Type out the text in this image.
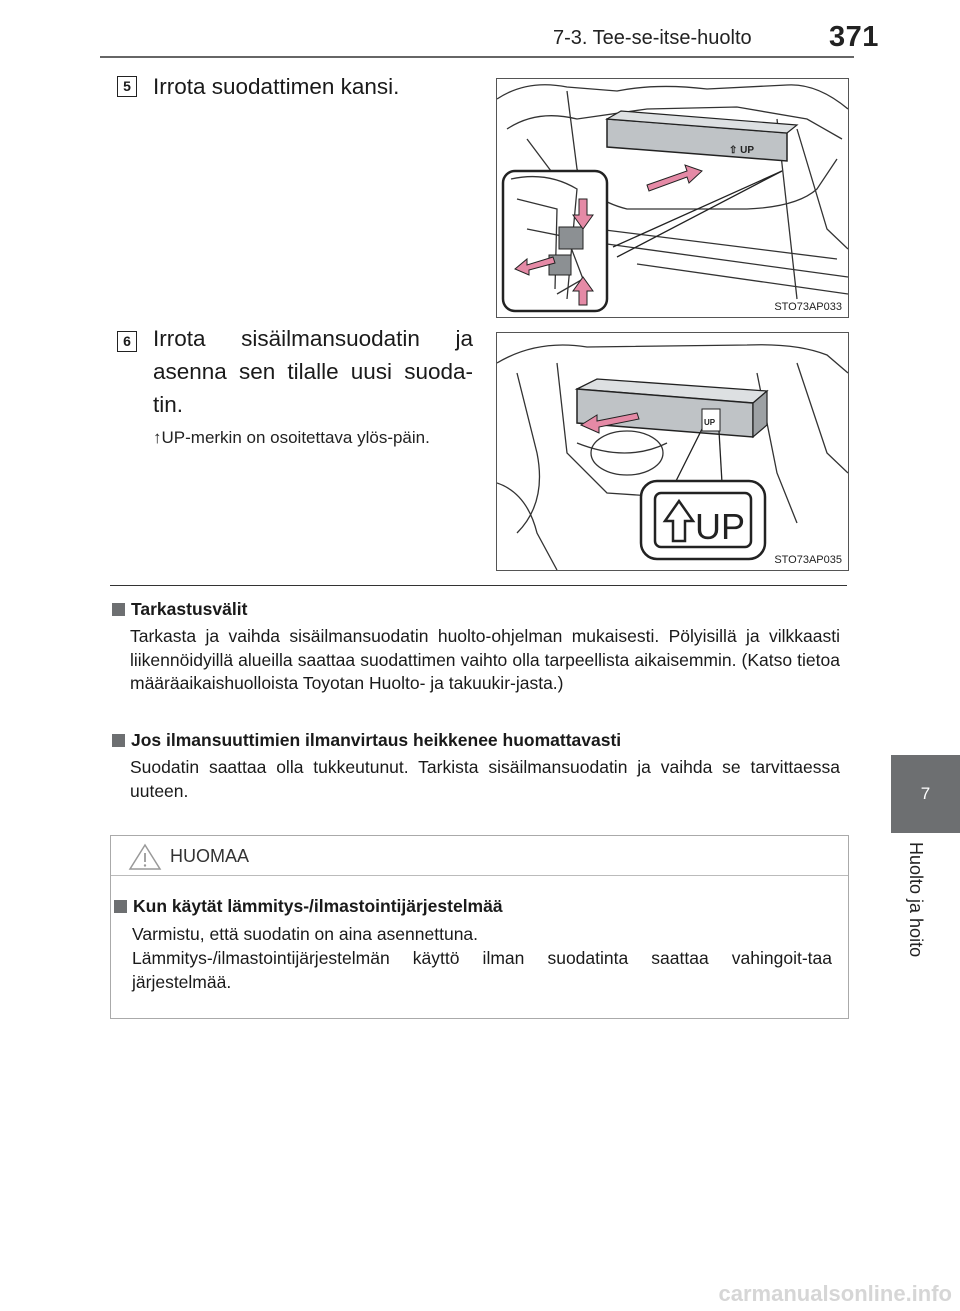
7-3. Tee-se-itse-huolto	371
7
Huolto ja hoito
5 Irrota suodattimen kansi.
⇧ UP
STO73AP033
6 Irrota sisäilmansuodatin ja asenna sen tilalle uusi suoda-tin.
↑UP-merkin on osoitettava ylös-päin.
UP
UP
STO73AP035
Tarkastusvälit
Tarkasta ja vaihda sisäilmansuodatin huolto-ohjelman mukaisesti. Pölyisillä ja vilkkaasti liikennöidyillä alueilla saattaa suodattimen vaihto olla tarpeellista aikaisemmin. (Katso tietoa määräaikaishuolloista Toyotan Huolto- ja takuukir-jasta.)
Jos ilmansuuttimien ilmanvirtaus heikkenee huomattavasti
Suodatin saattaa olla tukkeutunut. Tarkista sisäilmansuodatin ja vaihda se tarvittaessa uuteen.
HUOMAA
Kun käytät lämmitys-/ilmastointijärjestelmää
Varmistu, että suodatin on aina asennettuna.
Lämmitys-/ilmastointijärjestelmän käyttö ilman suodatinta saattaa vahingoit-taa järjestelmää.
carmanualsonline.info
